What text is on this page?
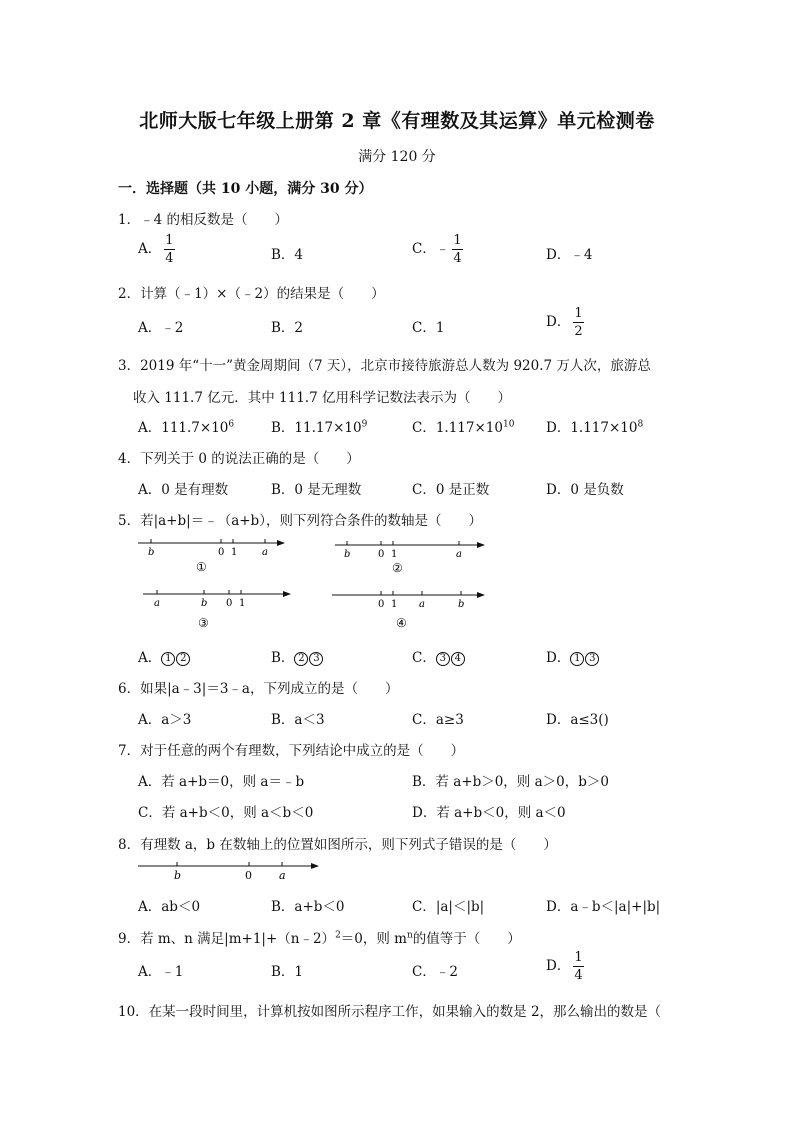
北师大版七年级上册第 2 章《有理数及其运算》单元检测卷
满分 120 分
一．选择题（共 10 小题，满分 30 分）
1．﹣4 的相反数是（　　）
A． $\frac{1}{4}$	B．4	C．﹣ $\frac{1}{4}$	D．﹣4
2．计算（﹣1）×（﹣2）的结果是（　　）
A．﹣2	B．2	C．1	D． $\frac{1}{2}$
3．2019 年“十一”黄金周期间（7 天），北京市接待旅游总人数为 920.7 万人次，旅游总
收入 111.7 亿元．其中 111.7 亿用科学记数法表示为（　　）
A．$111.7\times 10^6$	B．$11.17\times 10^9$	C．$1.117\times 10^{10}$ D．$1.117\times 10^8$
4．下列关于 0 的说法正确的是（　　）
A．0 是有理数	B．0 是无理数	C．0 是正数	D．0 是负数
5．若|a+b|＝﹣（a+b），则下列符合条件的数轴是（　　）
b	0 1 a
①
b	0 1	a
②
a	b 0 1
③
0 1 a	b
④
A． 1 2	B． 2 3	C． 3 4	D． 1 3
6．如果|a﹣3|＝3﹣a，下列成立的是（　　）
A．a＞3	B．a＜3	C．a≥3	D．a≤3()
7．对于任意的两个有理数，下列结论中成立的是（　　）
A．若 a+b＝0，则 a＝﹣b	B．若 a+b＞0，则 a＞0，b＞0
C．若 a+b＜0，则 a＜b＜0	D．若 a+b＜0，则 a＜0
8．有理数 a，b 在数轴上的位置如图所示，则下列式子错误的是（　　）
b	0 a
A．ab＜0	B．a+b＜0	C．|a|＜|b|	D．a﹣b＜|a|+|b|
9．若 m、n 满足|m+1|+（n﹣2）$^2$＝0，则 $m^n$的值等于（　　）
A．﹣1	B．1	C．﹣2	D． $\frac{1}{4}$
10．在某一段时间里，计算机按如图所示程序工作，如果输入的数是 2，那么输出的数是（
